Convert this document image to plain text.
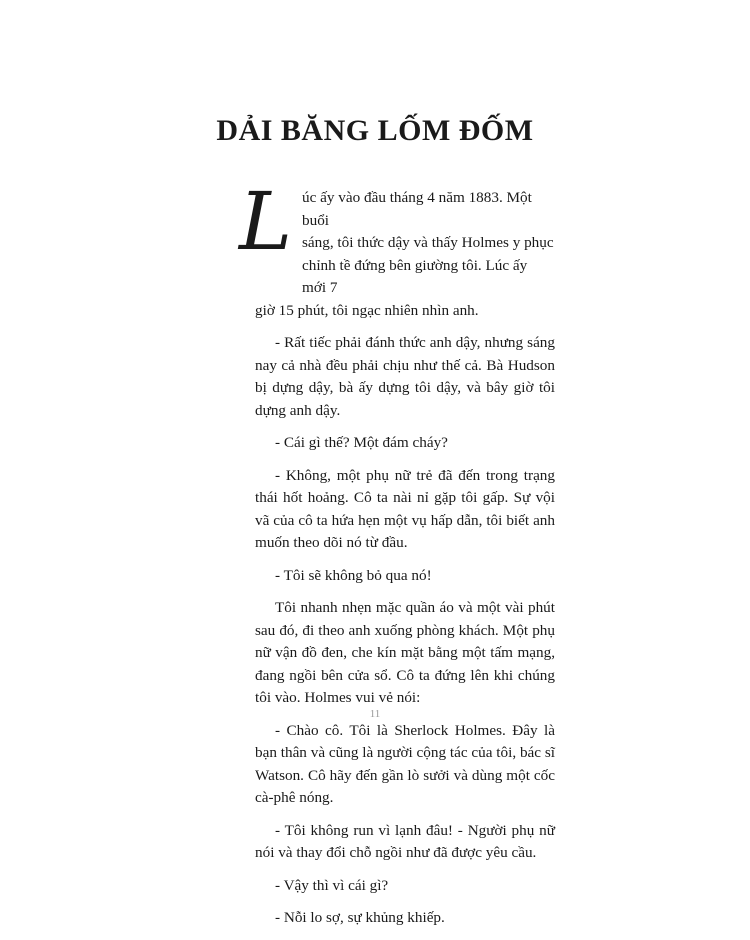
DẢI BĂNG LỐM ĐỐM

L úc ấy vào đầu tháng 4 năm 1883. Một buổi
sáng, tôi thức dậy và thấy Holmes y phục
chỉnh tề đứng bên giường tôi. Lúc ấy mới 7
giờ 15 phút, tôi ngạc nhiên nhìn anh.

- Rất tiếc phải đánh thức anh dậy, nhưng sáng nay cả nhà đều phải chịu như thế cả. Bà Hudson bị dựng dậy, bà ấy dựng tôi dậy, và bây giờ tôi dựng anh dậy.

- Cái gì thế? Một đám cháy?

- Không, một phụ nữ trẻ đã đến trong trạng thái hốt hoảng. Cô ta nài nỉ gặp tôi gấp. Sự vội vã của cô ta hứa hẹn một vụ hấp dẫn, tôi biết anh muốn theo dõi nó từ đầu.

- Tôi sẽ không bỏ qua nó!

Tôi nhanh nhẹn mặc quần áo và một vài phút sau đó, đi theo anh xuống phòng khách. Một phụ nữ vận đồ đen, che kín mặt bằng một tấm mạng, đang ngồi bên cửa sổ. Cô ta đứng lên khi chúng tôi vào. Holmes vui vẻ nói:

- Chào cô. Tôi là Sherlock Holmes. Đây là bạn thân và cũng là người cộng tác của tôi, bác sĩ Watson. Cô hãy đến gần lò sưởi và dùng một cốc cà-phê nóng.

- Tôi không run vì lạnh đâu! - Người phụ nữ nói và thay đổi chỗ ngồi như đã được yêu cầu.

- Vậy thì vì cái gì?

- Nỗi lo sợ, sự khủng khiếp.

11
